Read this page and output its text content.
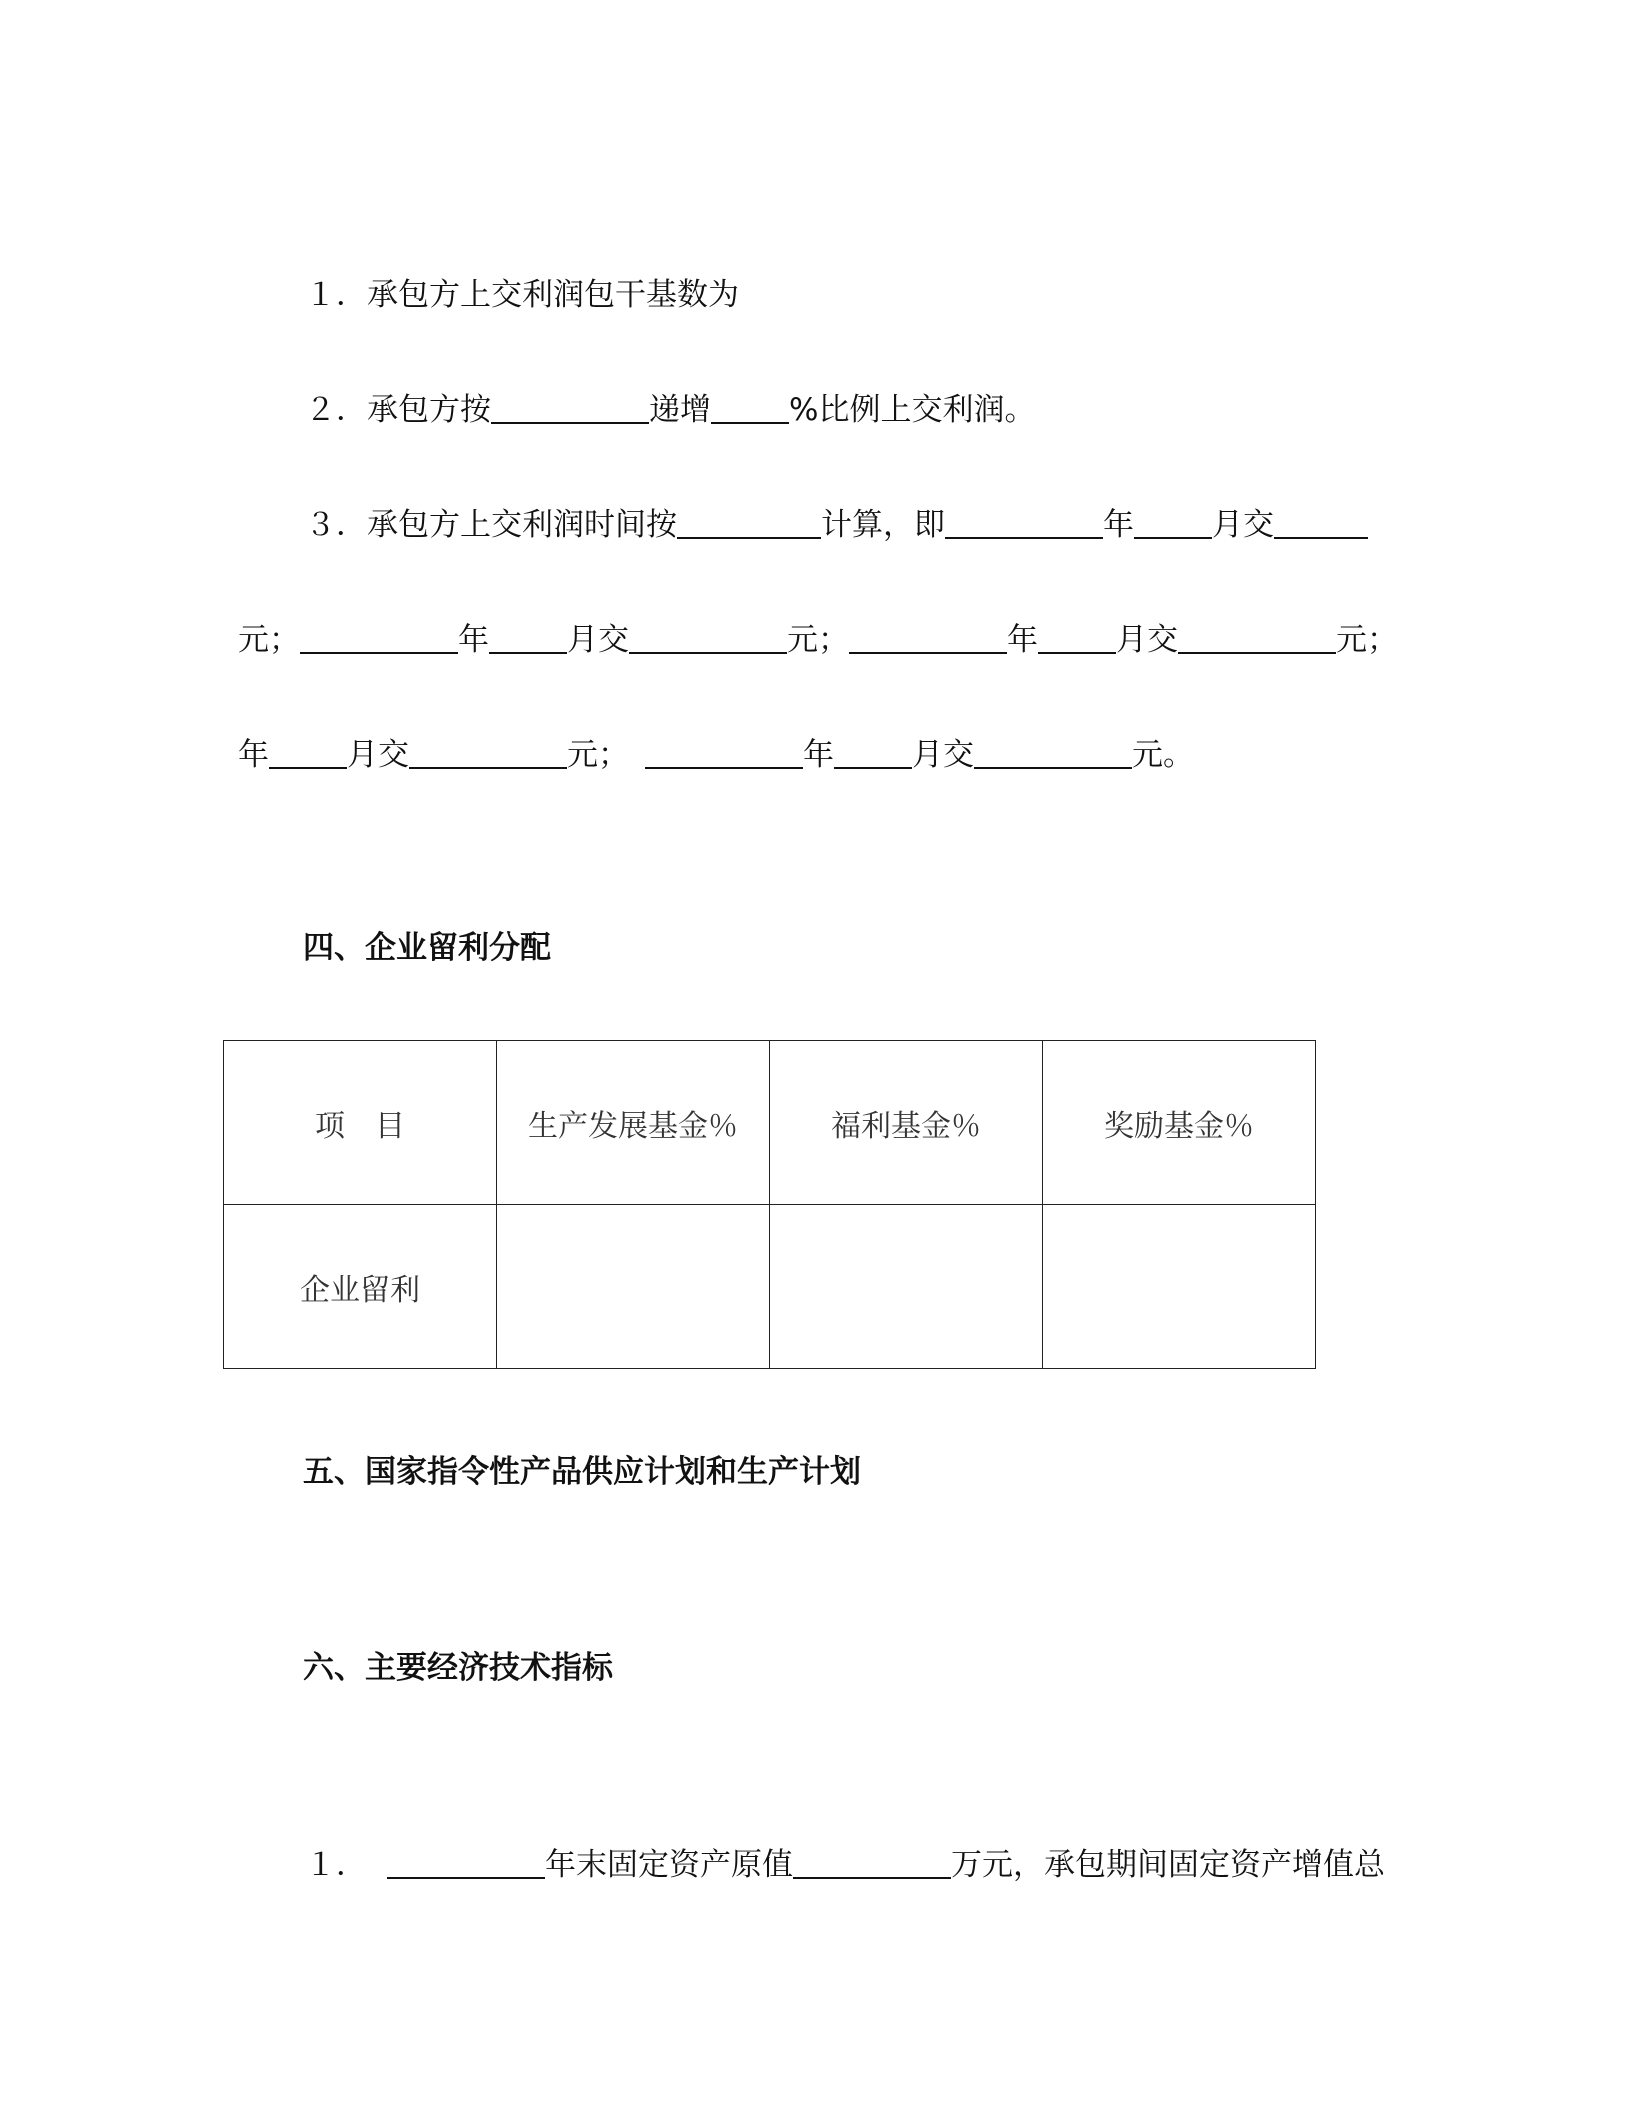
１．承包方上交利润包干基数为
２．承包方按	递增	%比例上交利润。
３．承包方上交利润时间按	计算，即	年	月交
元；	年	月交	元；	年	月交	元；
年	月交	元；	年	月交	元。
四、企业留利分配
项　目	生产发展基金％	福利基金％	奖励基金％
企业留利			
五、国家指令性产品供应计划和生产计划
六、主要经济技术指标
１．	年末固定资产原值	万元，承包期间固定资产增值总
